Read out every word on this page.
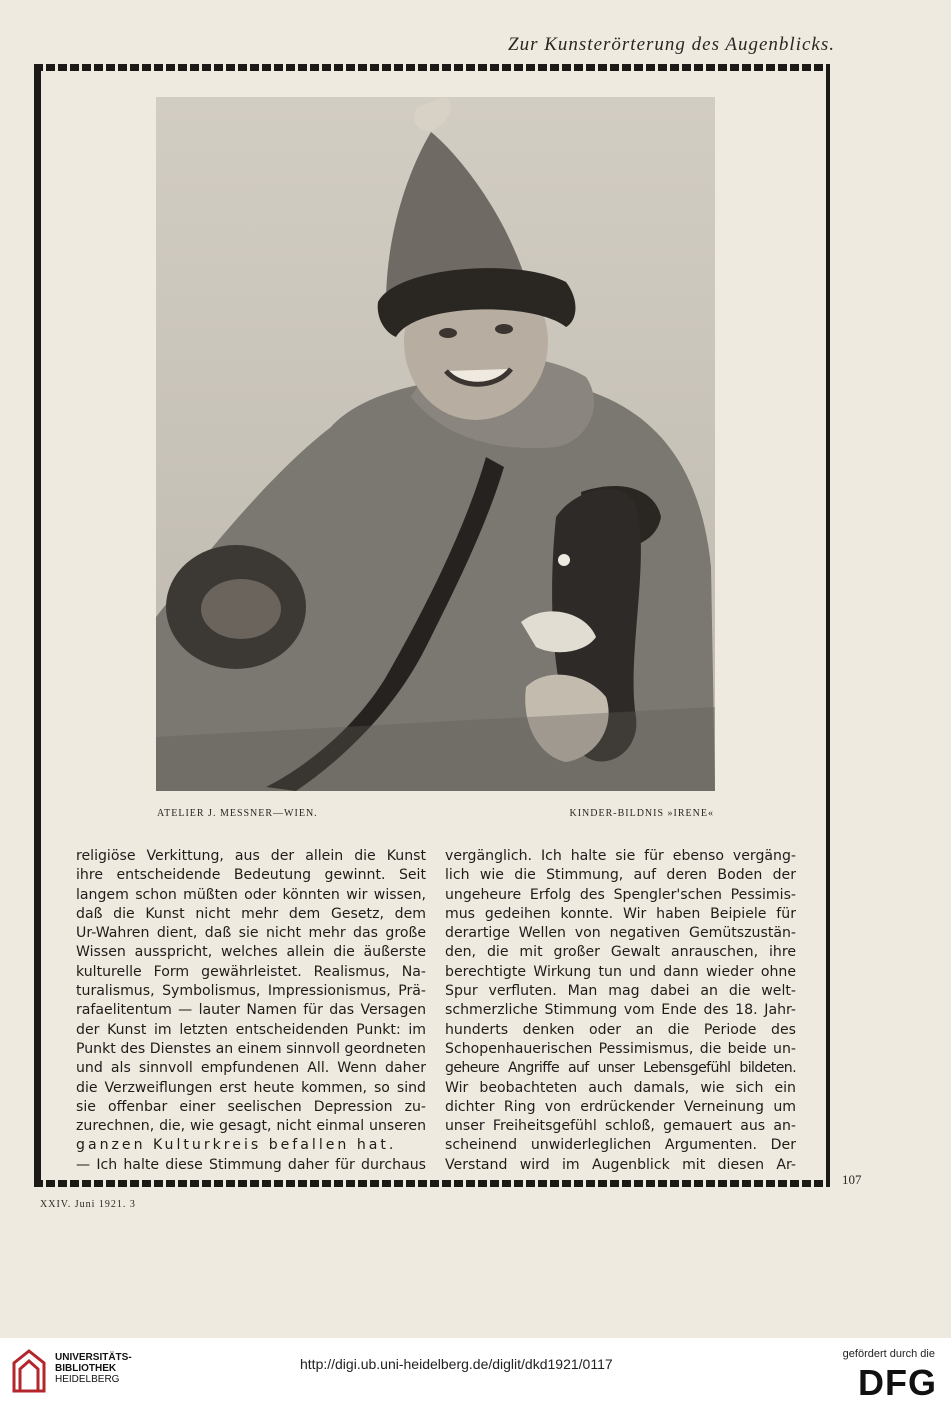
Zur Kunsterörterung des Augenblicks.
ATELIER J. MESSNER—WIEN.	KINDER-BILDNIS »IRENE«
religiöse Verkittung, aus der allein die Kunst
ihre entscheidende Bedeutung gewinnt. Seit
langem schon müßten oder könnten wir wissen,
daß die Kunst nicht mehr dem Gesetz, dem
Ur-Wahren dient, daß sie nicht mehr das große
Wissen ausspricht, welches allein die äußerste
kulturelle Form gewährleistet. Realismus, Na-
turalismus, Symbolismus, Impressionismus, Prä-
rafaelitentum — lauter Namen für das Versagen
der Kunst im letzten entscheidenden Punkt: im
Punkt des Dienstes an einem sinnvoll geordneten
und als sinnvoll empfundenen All. Wenn daher
die Verzweiflungen erst heute kommen, so sind
sie offenbar einer seelischen Depression zu-
zurechnen, die, wie gesagt, nicht einmal unseren
ganzen Kulturkreis befallen hat.
— Ich halte diese Stimmung daher für durchaus
vergänglich. Ich halte sie für ebenso vergäng-
lich wie die Stimmung, auf deren Boden der
ungeheure Erfolg des Spengler'schen Pessimis-
mus gedeihen konnte. Wir haben Beipiele für
derartige Wellen von negativen Gemütszustän-
den, die mit großer Gewalt anrauschen, ihre
berechtigte Wirkung tun und dann wieder ohne
Spur verfluten. Man mag dabei an die welt-
schmerzliche Stimmung vom Ende des 18. Jahr-
hunderts denken oder an die Periode des
Schopenhauerischen Pessimismus, die beide un-
geheure Angriffe auf unser Lebensgefühl bildeten.
Wir beobachteten auch damals, wie sich ein
dichter Ring von erdrückender Verneinung um
unser Freiheitsgefühl schloß, gemauert aus an-
scheinend unwiderleglichen Argumenten. Der
Verstand wird im Augenblick mit diesen Ar-
107
XXIV. Juni 1921. 3
UNIVERSITÄTS-
BIBLIOTHEK
HEIDELBERG
http://digi.ub.uni-heidelberg.de/diglit/dkd1921/0117
gefördert durch die
DFG
